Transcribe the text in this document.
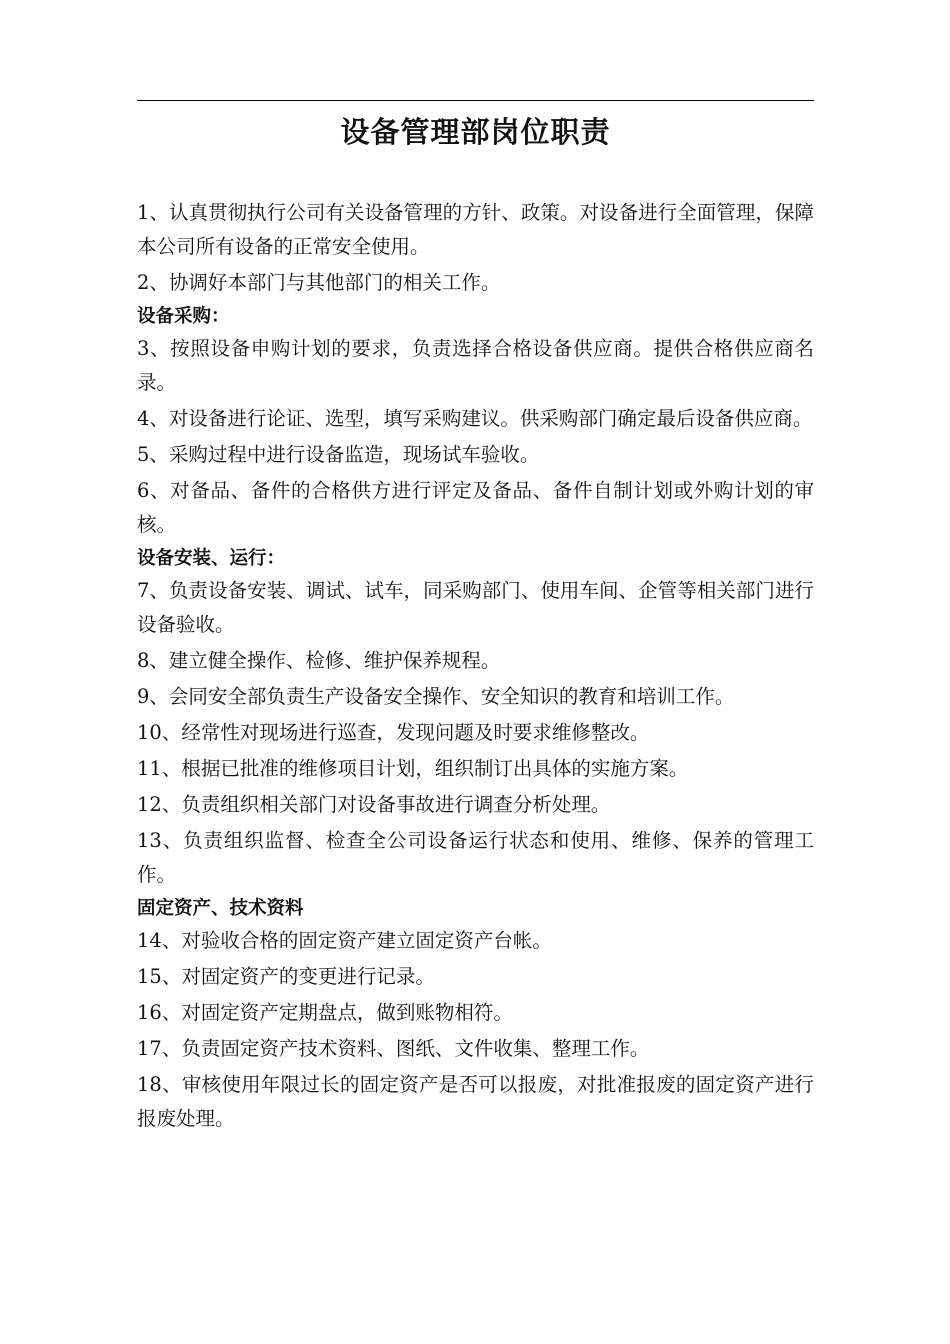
设备管理部岗位职责

1、认真贯彻执行公司有关设备管理的方针、政策。对设备进行全面管理，保障本公司所有设备的正常安全使用。

2、协调好本部门与其他部门的相关工作。

设备采购：

3、按照设备申购计划的要求，负责选择合格设备供应商。提供合格供应商名录。

4、对设备进行论证、选型，填写采购建议。供采购部门确定最后设备供应商。

5、采购过程中进行设备监造，现场试车验收。

6、对备品、备件的合格供方进行评定及备品、备件自制计划或外购计划的审核。

设备安装、运行：

7、负责设备安装、调试、试车，同采购部门、使用车间、企管等相关部门进行设备验收。

8、建立健全操作、检修、维护保养规程。

9、会同安全部负责生产设备安全操作、安全知识的教育和培训工作。

10、经常性对现场进行巡查，发现问题及时要求维修整改。

11、根据已批准的维修项目计划，组织制订出具体的实施方案。

12、负责组织相关部门对设备事故进行调查分析处理。

13、负责组织监督、检查全公司设备运行状态和使用、维修、保养的管理工作。

固定资产、技术资料

14、对验收合格的固定资产建立固定资产台帐。

15、对固定资产的变更进行记录。

16、对固定资产定期盘点，做到账物相符。

17、负责固定资产技术资料、图纸、文件收集、整理工作。

18、审核使用年限过长的固定资产是否可以报废，对批准报废的固定资产进行报废处理。
